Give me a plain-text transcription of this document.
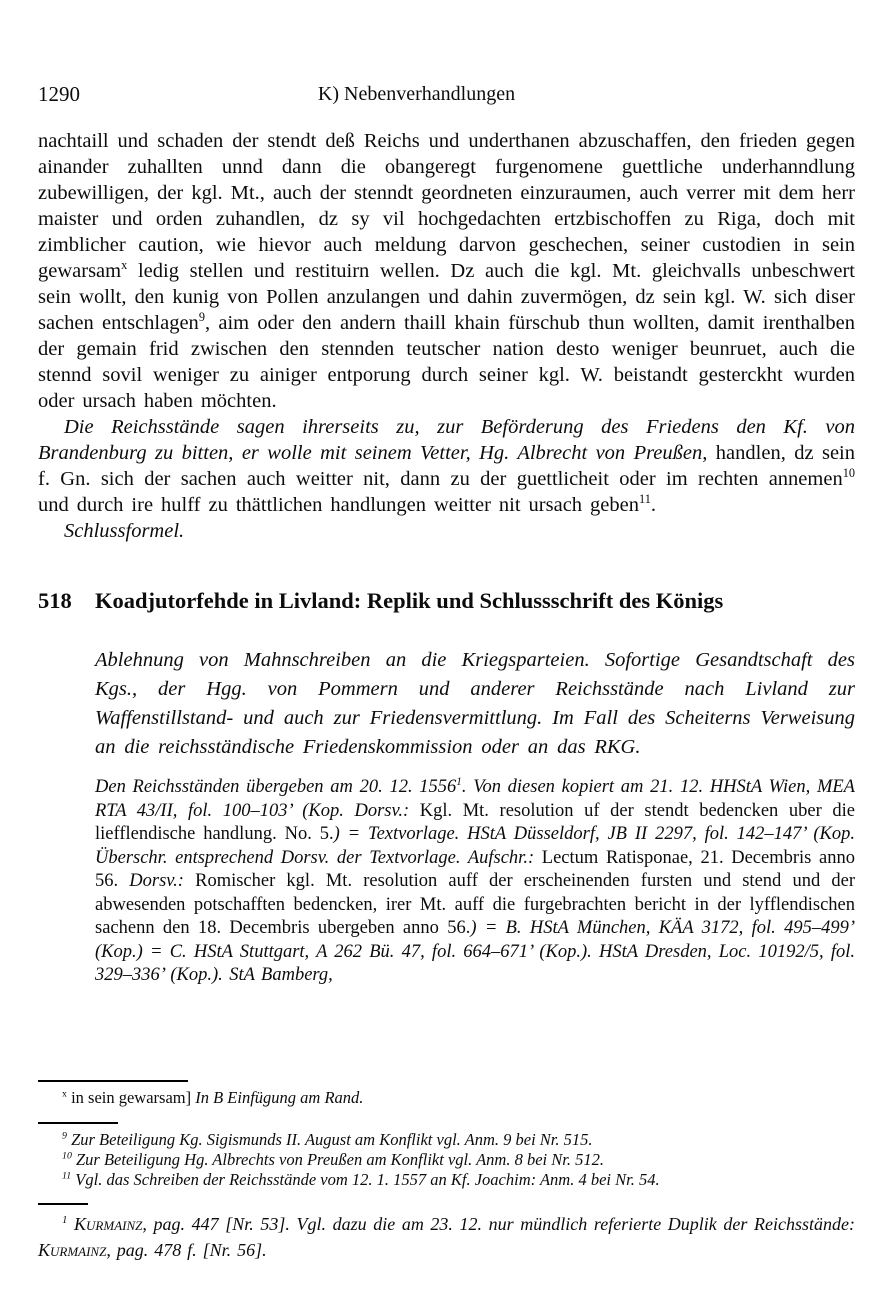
1290	K) Nebenverhandlungen

nachtaill und schaden der stendt deß Reichs und underthanen abzuschaffen, den frieden gegen ainander zuhallten unnd dann die obangeregt furgenomene guettliche underhanndlung zubewilligen, der kgl. Mt., auch der stenndt geordneten einzuraumen, auch verrer mit dem herr maister und orden zuhandlen, dz sy vil hochgedachten ertzbischoffen zu Riga, doch mit zimblicher caution, wie hievor auch meldung darvon geschechen, seiner custodien in sein gewarsam$^x$ ledig stellen und restituirn wellen. Dz auch die kgl. Mt. gleichvalls unbeschwert sein wollt, den kunig von Pollen anzulangen und dahin zuvermögen, dz sein kgl. W. sich diser sachen entschlagen$^9$, aim oder den andern thaill khain fürschub thun wollten, damit irenthalben der gemain frid zwischen den stennden teutscher nation desto weniger beunruet, auch die stennd sovil weniger zu ainiger entporung durch seiner kgl. W. beistandt gesterckht wurden oder ursach haben möchten.

Die Reichsstände sagen ihrerseits zu, zur Beförderung des Friedens den Kf. von Brandenburg zu bitten, er wolle mit seinem Vetter, Hg. Albrecht von Preußen, handlen, dz sein f. Gn. sich der sachen auch weitter nit, dann zu der guettlicheit oder im rechten annemen$^{10}$ und durch ire hulff zu thättlichen handlungen weitter nit ursach geben$^{11}$.

Schlussformel.

518	Koadjutorfehde in Livland: Replik und Schlussschrift des Königs

Ablehnung von Mahnschreiben an die Kriegsparteien. Sofortige Gesandtschaft des Kgs., der Hgg. von Pommern und anderer Reichsstände nach Livland zur Waffenstillstand- und auch zur Friedensvermittlung. Im Fall des Scheiterns Verweisung an die reichsständische Friedenskommission oder an das RKG.

Den Reichsständen übergeben am 20. 12. 1556$^1$. Von diesen kopiert am 21. 12. HHStA Wien, MEA RTA 43/II, fol. 100–103’ (Kop. Dorsv.: Kgl. Mt. resolution uf der stendt bedencken uber die liefflendische handlung. No. 5.) = Textvorlage. HStA Düsseldorf, JB II 2297, fol. 142–147’ (Kop. Überschr. entsprechend Dorsv. der Textvorlage. Aufschr.: Lectum Ratisponae, 21. Decembris anno 56. Dorsv.: Romischer kgl. Mt. resolution auff der erscheinenden fursten und stend und der abwesenden potschafften bedencken, irer Mt. auff die furgebrachten bericht in der lyfflendischen sachenn den 18. Decembris ubergeben anno 56.) = B. HStA München, KÄA 3172, fol. 495–499’ (Kop.) = C. HStA Stuttgart, A 262 Bü. 47, fol. 664–671’ (Kop.). HStA Dresden, Loc. 10192/5, fol. 329–336’ (Kop.). StA Bamberg,

$^x$ in sein gewarsam] In B Einfügung am Rand.

$^9$ Zur Beteiligung Kg. Sigismunds II. August am Konflikt vgl. Anm. 9 bei Nr. 515.

$^{10}$ Zur Beteiligung Hg. Albrechts von Preußen am Konflikt vgl. Anm. 8 bei Nr. 512.

$^{11}$ Vgl. das Schreiben der Reichsstände vom 12. 1. 1557 an Kf. Joachim: Anm. 4 bei Nr. 54.

$^1$ Kurmainz, pag. 447 [Nr. 53]. Vgl. dazu die am 23. 12. nur mündlich referierte Duplik der Reichsstände: Kurmainz, pag. 478 f. [Nr. 56].
